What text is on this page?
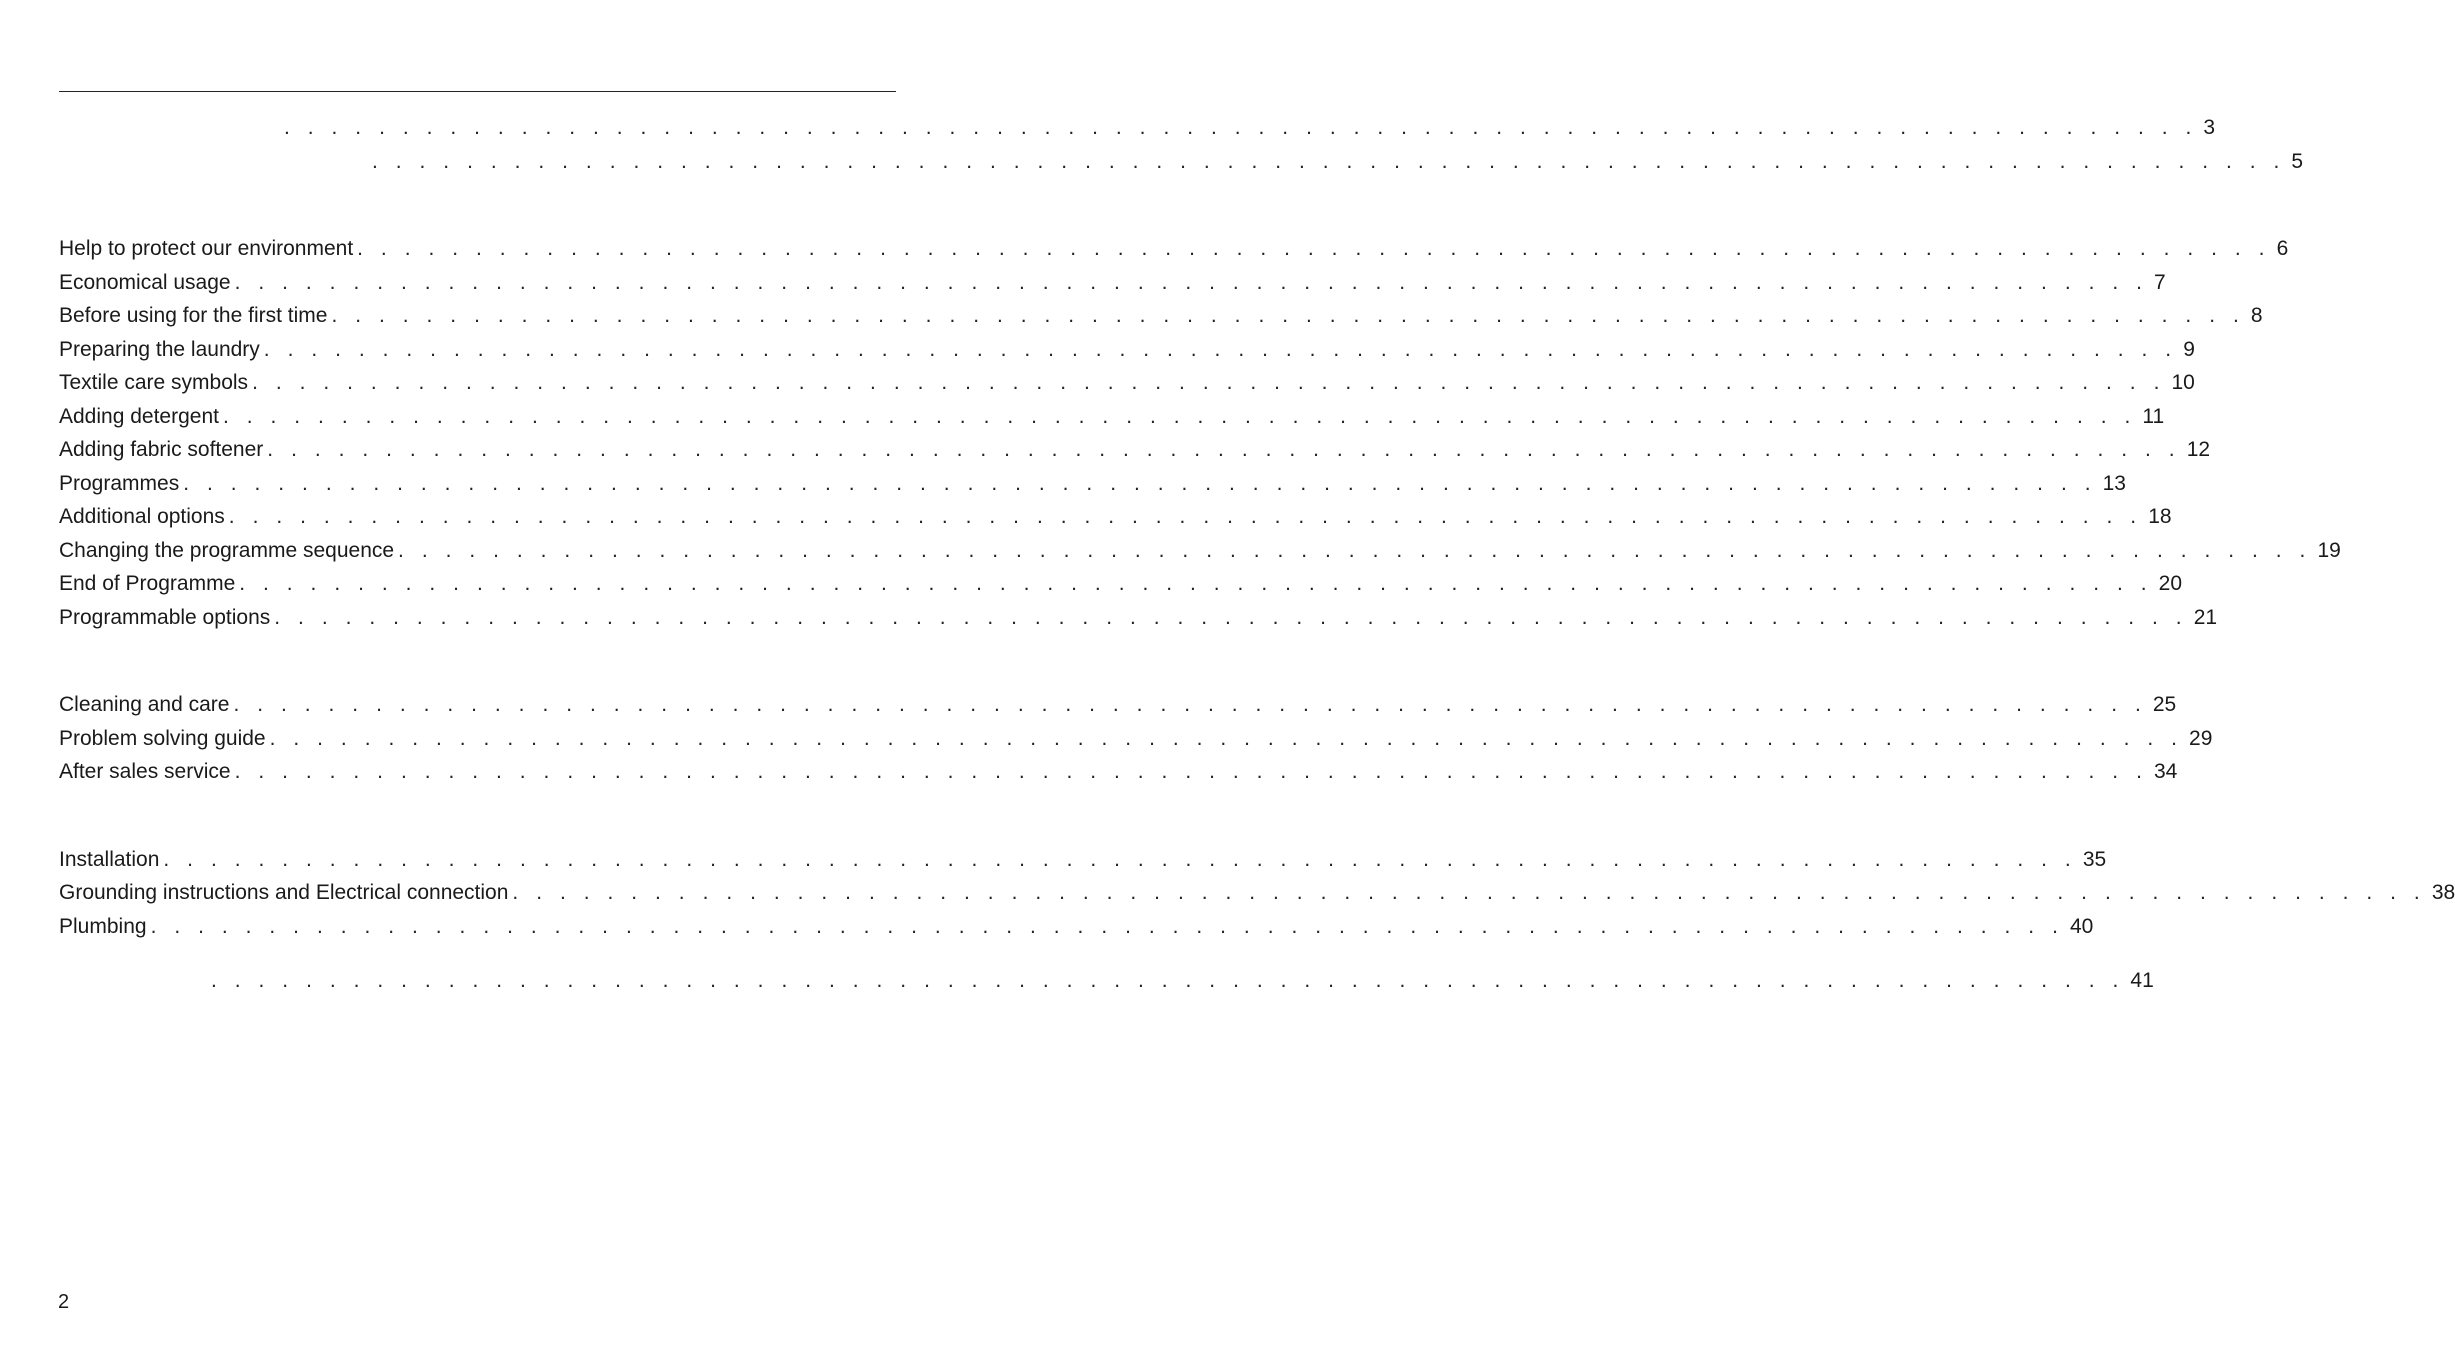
. . . . . . . . . . . . . . . . . . . . . . . . . . . . . . . . . . . . . . . . . . . . . . . . . . . . . . . . . . . . . . . . . . . . . . . . . . . . . . . . . 3
. . . . . . . . . . . . . . . . . . . . . . . . . . . . . . . . . . . . . . . . . . . . . . . . . . . . . . . . . . . . . . . . . . . . . . . . . . . . . . . . . 5
Help to protect our environment . . . . . . . . . . . . . . . . . . . . . . . . . . . . . . . . . . . . . . . . . . . . . . . . . . . . . . . . . . . . . . . . . . . . . . . . . . . . . . . . . 6
Economical usage . . . . . . . . . . . . . . . . . . . . . . . . . . . . . . . . . . . . . . . . . . . . . . . . . . . . . . . . . . . . . . . . . . . . . . . . . . . . . . . . . 7
Before using for the first time . . . . . . . . . . . . . . . . . . . . . . . . . . . . . . . . . . . . . . . . . . . . . . . . . . . . . . . . . . . . . . . . . . . . . . . . . . . . . . . . . 8
Preparing the laundry . . . . . . . . . . . . . . . . . . . . . . . . . . . . . . . . . . . . . . . . . . . . . . . . . . . . . . . . . . . . . . . . . . . . . . . . . . . . . . . . . 9
Textile care symbols . . . . . . . . . . . . . . . . . . . . . . . . . . . . . . . . . . . . . . . . . . . . . . . . . . . . . . . . . . . . . . . . . . . . . . . . . . . . . . . . . 10
Adding detergent . . . . . . . . . . . . . . . . . . . . . . . . . . . . . . . . . . . . . . . . . . . . . . . . . . . . . . . . . . . . . . . . . . . . . . . . . . . . . . . . . 11
Adding fabric softener . . . . . . . . . . . . . . . . . . . . . . . . . . . . . . . . . . . . . . . . . . . . . . . . . . . . . . . . . . . . . . . . . . . . . . . . . . . . . . . . . 12
Programmes . . . . . . . . . . . . . . . . . . . . . . . . . . . . . . . . . . . . . . . . . . . . . . . . . . . . . . . . . . . . . . . . . . . . . . . . . . . . . . . . . 13
Additional options . . . . . . . . . . . . . . . . . . . . . . . . . . . . . . . . . . . . . . . . . . . . . . . . . . . . . . . . . . . . . . . . . . . . . . . . . . . . . . . . . 18
Changing the programme sequence . . . . . . . . . . . . . . . . . . . . . . . . . . . . . . . . . . . . . . . . . . . . . . . . . . . . . . . . . . . . . . . . . . . . . . . . . . . . . . . . . 19
End of Programme . . . . . . . . . . . . . . . . . . . . . . . . . . . . . . . . . . . . . . . . . . . . . . . . . . . . . . . . . . . . . . . . . . . . . . . . . . . . . . . . . 20
Programmable options . . . . . . . . . . . . . . . . . . . . . . . . . . . . . . . . . . . . . . . . . . . . . . . . . . . . . . . . . . . . . . . . . . . . . . . . . . . . . . . . . 21
Cleaning and care . . . . . . . . . . . . . . . . . . . . . . . . . . . . . . . . . . . . . . . . . . . . . . . . . . . . . . . . . . . . . . . . . . . . . . . . . . . . . . . . . 25
Problem solving guide . . . . . . . . . . . . . . . . . . . . . . . . . . . . . . . . . . . . . . . . . . . . . . . . . . . . . . . . . . . . . . . . . . . . . . . . . . . . . . . . . 29
After sales service . . . . . . . . . . . . . . . . . . . . . . . . . . . . . . . . . . . . . . . . . . . . . . . . . . . . . . . . . . . . . . . . . . . . . . . . . . . . . . . . . 34
Installation . . . . . . . . . . . . . . . . . . . . . . . . . . . . . . . . . . . . . . . . . . . . . . . . . . . . . . . . . . . . . . . . . . . . . . . . . . . . . . . . . 35
Grounding instructions and Electrical connection . . . . . . . . . . . . . . . . . . . . . . . . . . . . . . . . . . . . . . . . . . . . . . . . . . . . . . . . . . . . . . . . . . . . . . . . . . . . . . . . . 38
Plumbing . . . . . . . . . . . . . . . . . . . . . . . . . . . . . . . . . . . . . . . . . . . . . . . . . . . . . . . . . . . . . . . . . . . . . . . . . . . . . . . . . 40
. . . . . . . . . . . . . . . . . . . . . . . . . . . . . . . . . . . . . . . . . . . . . . . . . . . . . . . . . . . . . . . . . . . . . . . . . . . . . . . . . 41
2
